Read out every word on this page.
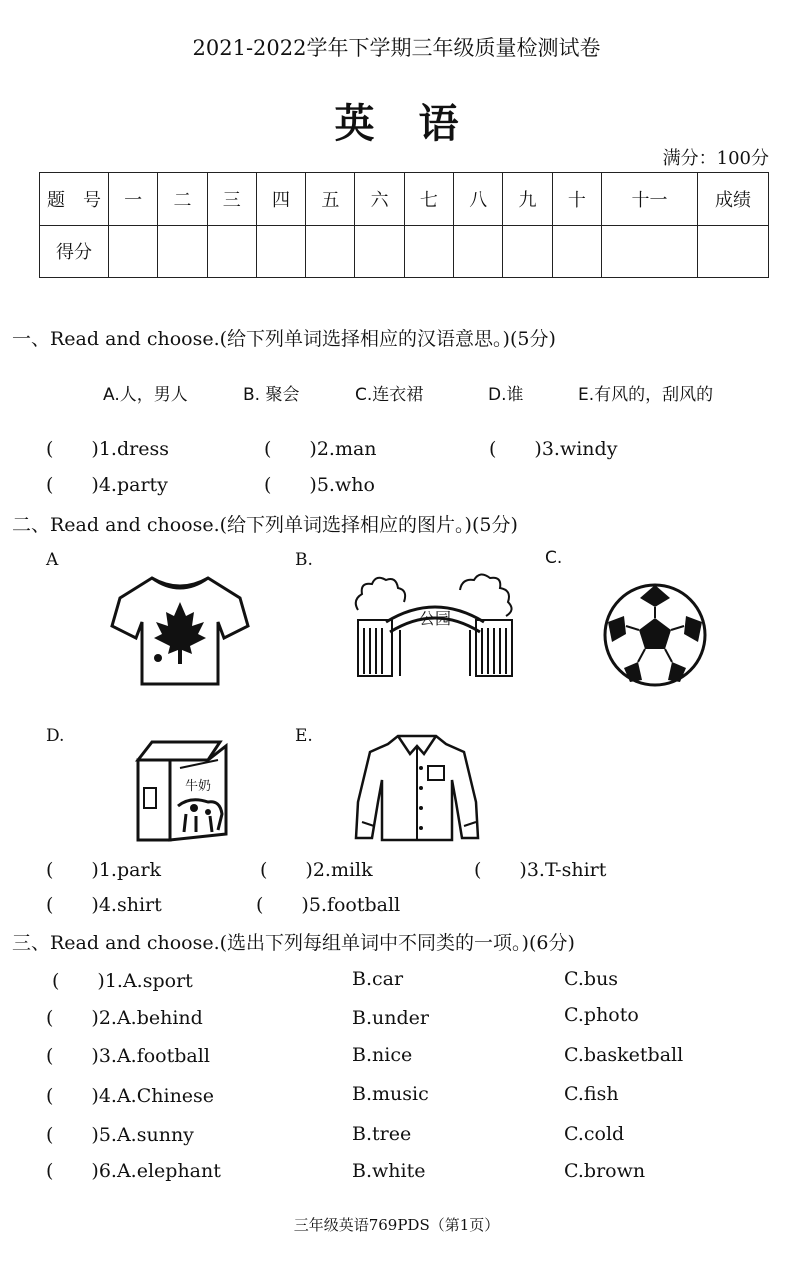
2021-2022学年下学期三年级质量检测试卷
英语
满分：100分
题　号	一	二	三	四	五	六	七	八	九	十	十一	成绩
得分												
一、Read and choose.(给下列单词选择相应的汉语意思。)(5分)
A.人，男人	B. 聚会	C.连衣裙	D.谁	E.有风的，刮风的
(　　)1.dress	(　　)2.man	(　　)3.windy
(　　)4.party	(　　)5.who
二、Read and choose.(给下列单词选择相应的图片。)(5分)
A	B.	C.
D.	E.
公园
牛奶
(　　)1.park	(　　)2.milk	(　　)3.T-shirt
(　　)4.shirt	(　　)5.football
三、Read and choose.(选出下列每组单词中不同类的一项。)(6分)
(　　)1.A.sport	B.car	C.bus
(　　)2.A.behind	B.under	C.photo
(　　)3.A.football	B.nice	C.basketball
(　　)4.A.Chinese	B.music	C.fish
(　　)5.A.sunny	B.tree	C.cold
(　　)6.A.elephant	B.white	C.brown
三年级英语769PDS（第1页）
